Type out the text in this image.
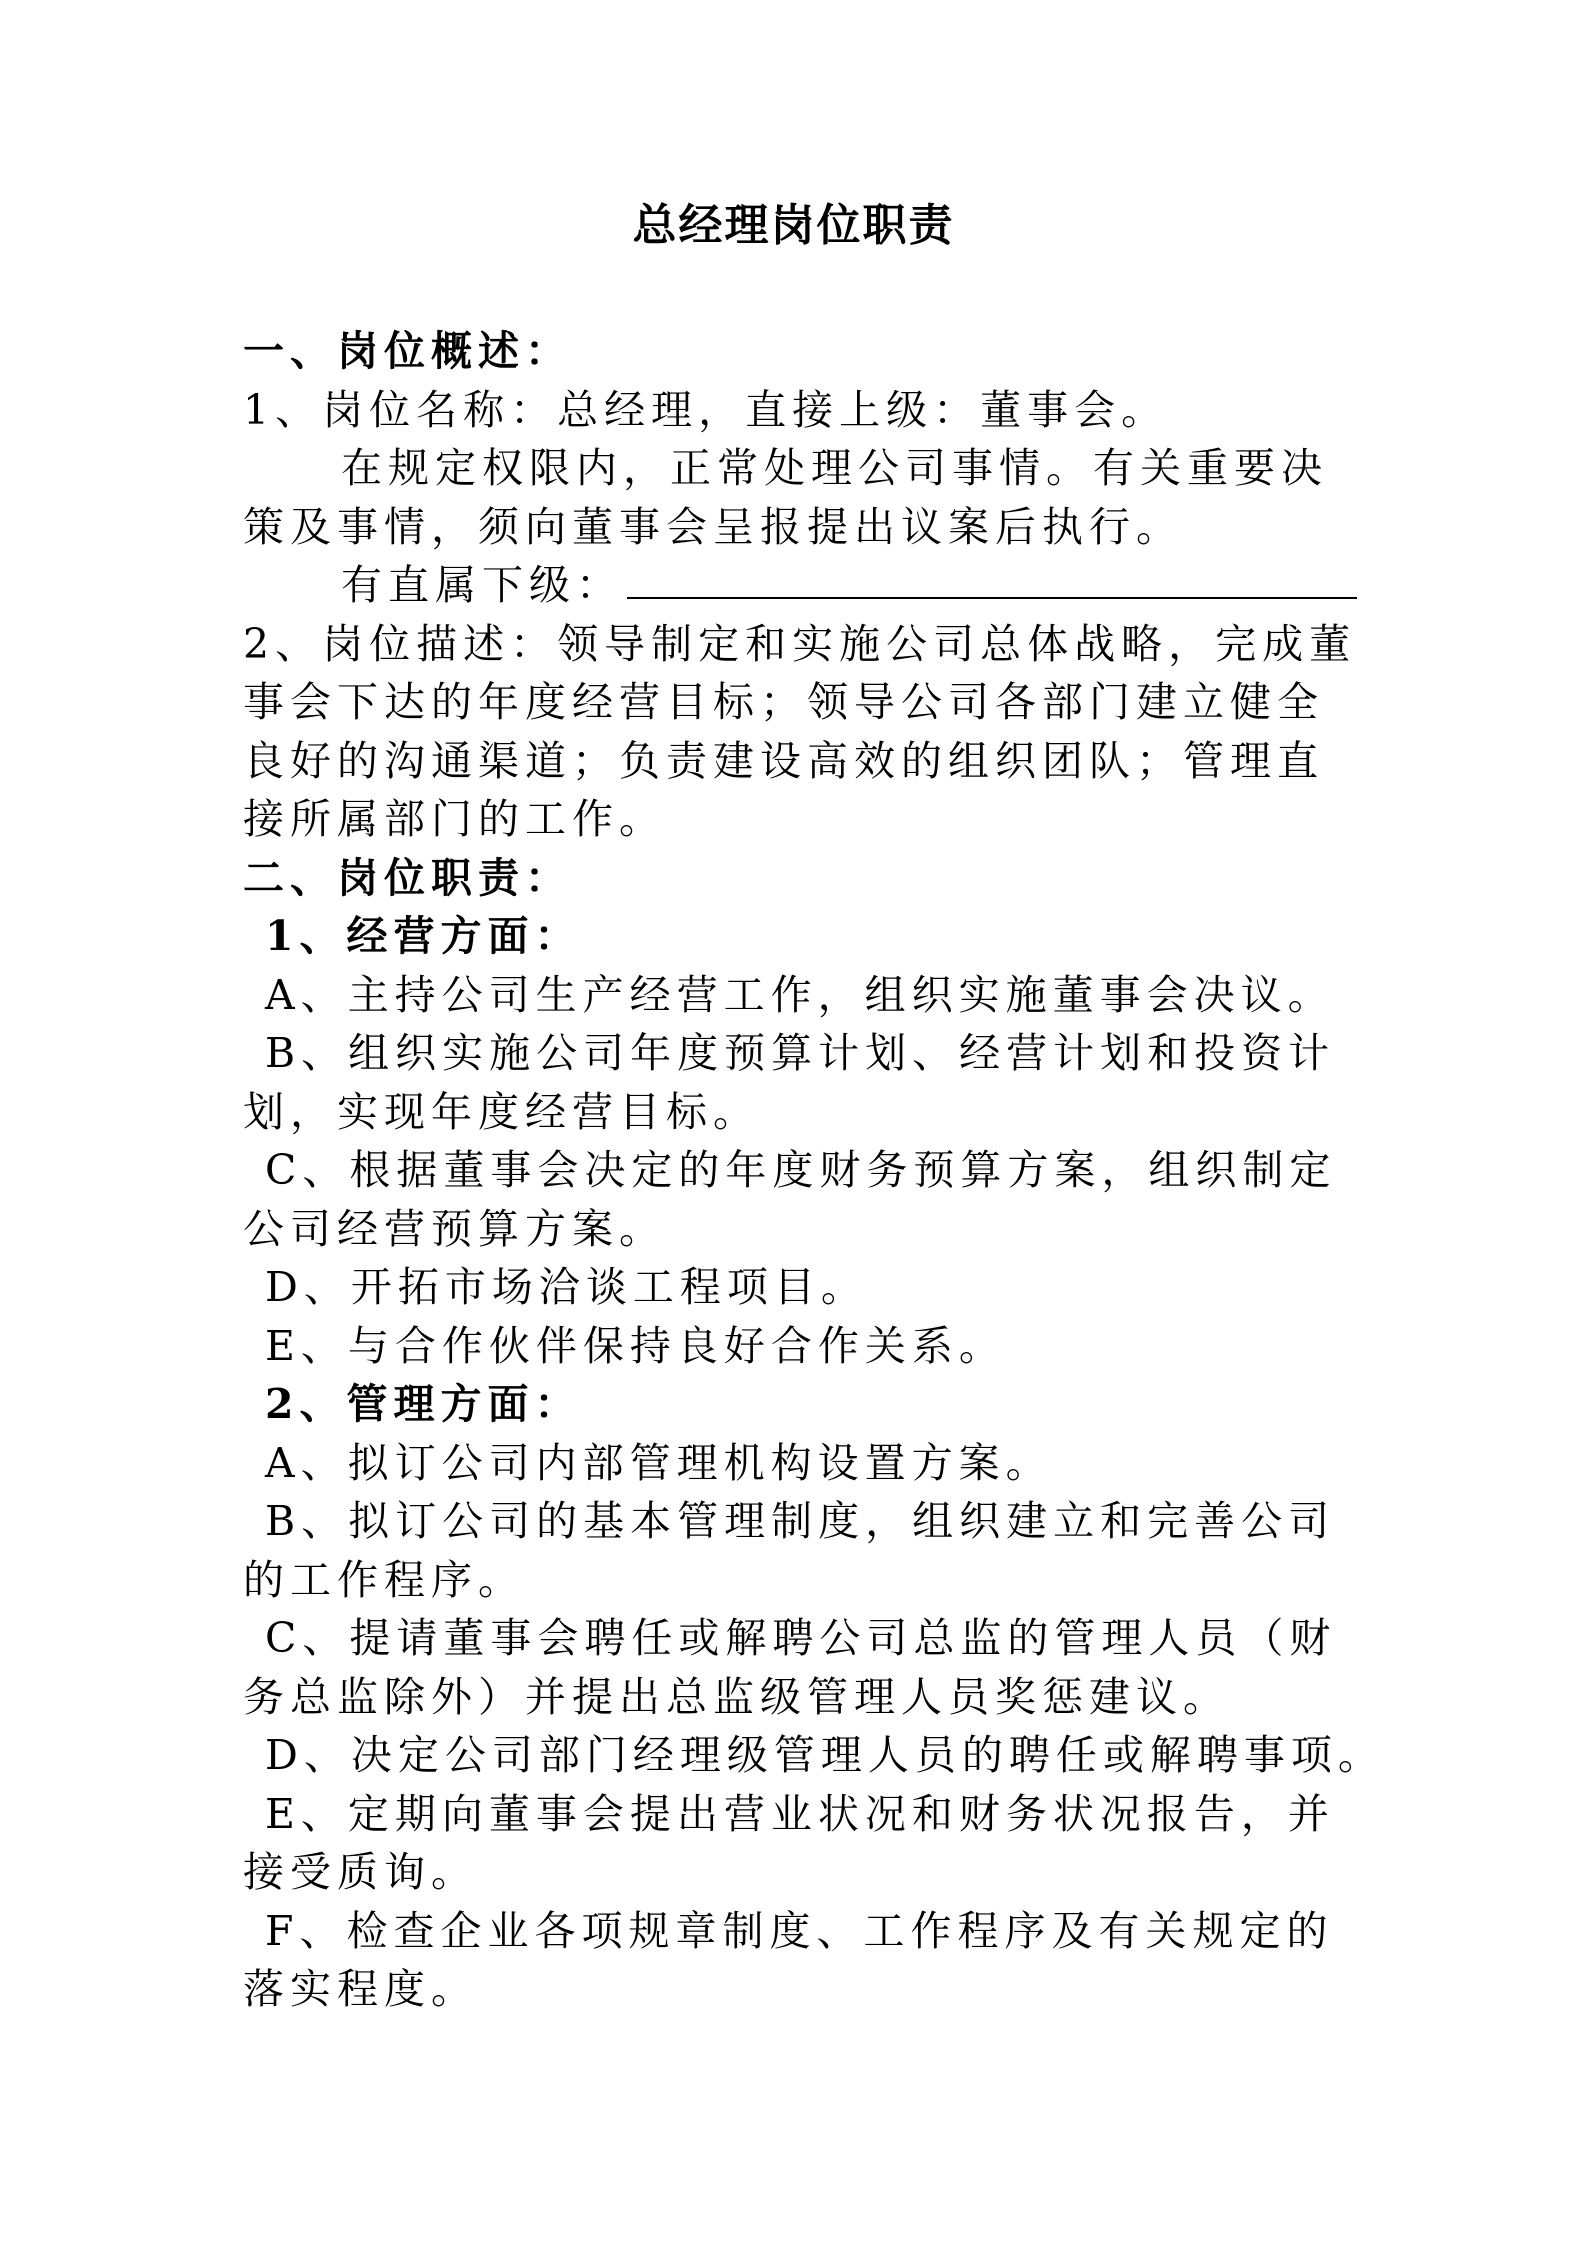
总经理岗位职责

一、岗位概述：

1、岗位名称：总经理，直接上级：董事会。

在规定权限内，正常处理公司事情。有关重要决

策及事情，须向董事会呈报提出议案后执行。

有直属下级：

2、岗位描述：领导制定和实施公司总体战略，完成董

事会下达的年度经营目标；领导公司各部门建立健全

良好的沟通渠道；负责建设高效的组织团队；管理直

接所属部门的工作。

二、岗位职责：

1、经营方面：

A、主持公司生产经营工作，组织实施董事会决议。

B、组织实施公司年度预算计划、经营计划和投资计

划，实现年度经营目标。

C、根据董事会决定的年度财务预算方案，组织制定

公司经营预算方案。

D、开拓市场洽谈工程项目。

E、与合作伙伴保持良好合作关系。

2、管理方面：

A、拟订公司内部管理机构设置方案。

B、拟订公司的基本管理制度，组织建立和完善公司

的工作程序。

C、提请董事会聘任或解聘公司总监的管理人员（财

务总监除外）并提出总监级管理人员奖惩建议。

D、决定公司部门经理级管理人员的聘任或解聘事项。

E、定期向董事会提出营业状况和财务状况报告，并

接受质询。

F、检查企业各项规章制度、工作程序及有关规定的

落实程度。
